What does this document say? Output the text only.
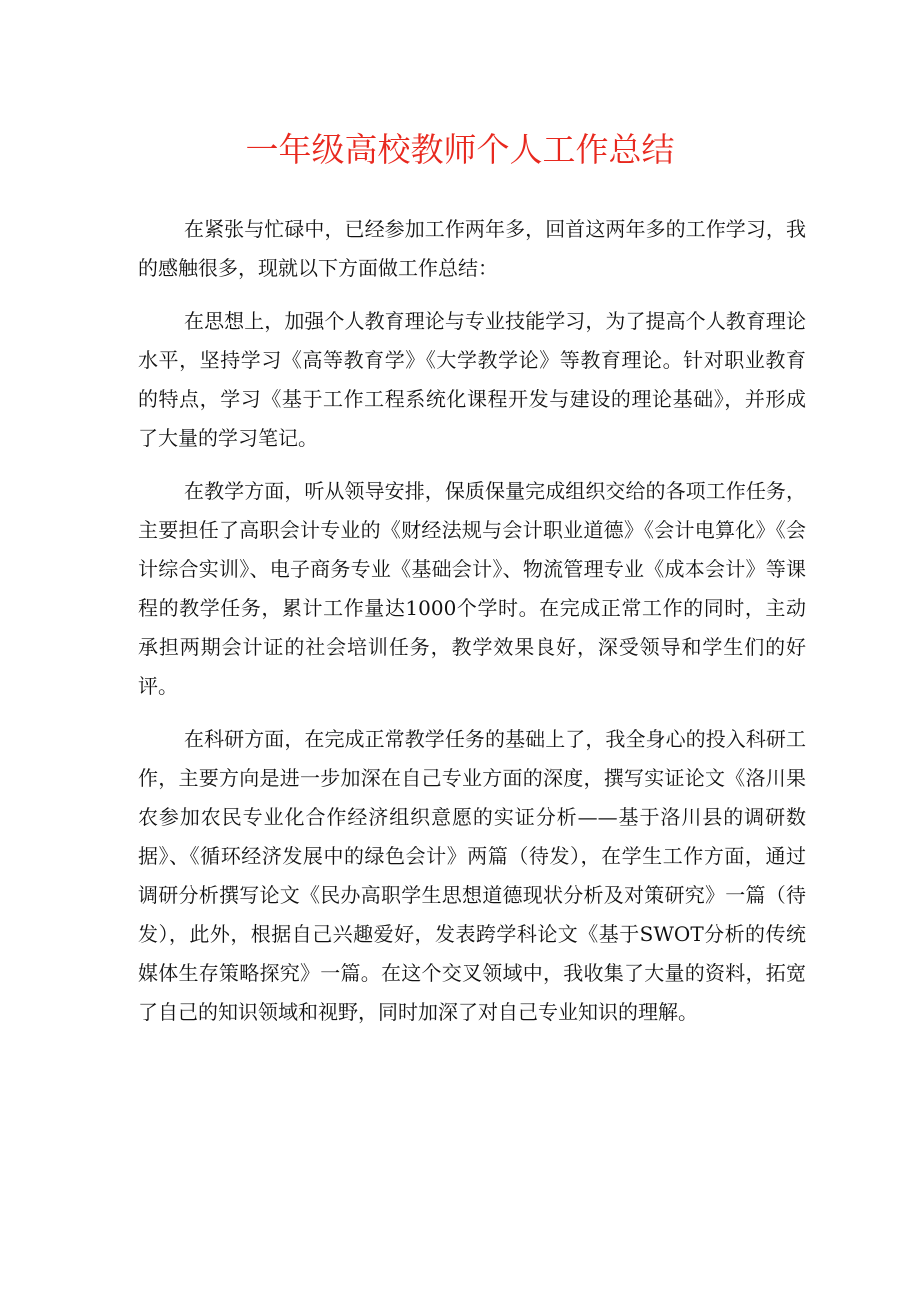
一年级高校教师个人工作总结

在紧张与忙碌中，已经参加工作两年多，回首这两年多的工作学习，我的感触很多，现就以下方面做工作总结：

在思想上，加强个人教育理论与专业技能学习，为了提高个人教育理论水平，坚持学习《高等教育学》《大学教学论》等教育理论。针对职业教育的特点，学习《基于工作工程系统化课程开发与建设的理论基础》，并形成了大量的学习笔记。

在教学方面，听从领导安排，保质保量完成组织交给的各项工作任务，主要担任了高职会计专业的《财经法规与会计职业道德》《会计电算化》《会计综合实训》、电子商务专业《基础会计》、物流管理专业《成本会计》等课程的教学任务，累计工作量达1000个学时。在完成正常工作的同时，主动承担两期会计证的社会培训任务，教学效果良好，深受领导和学生们的好评。

在科研方面，在完成正常教学任务的基础上了，我全身心的投入科研工作，主要方向是进一步加深在自己专业方面的深度，撰写实证论文《洛川果农参加农民专业化合作经济组织意愿的实证分析——基于洛川县的调研数据》、《循环经济发展中的绿色会计》两篇（待发），在学生工作方面，通过调研分析撰写论文《民办高职学生思想道德现状分析及对策研究》一篇（待发），此外，根据自己兴趣爱好，发表跨学科论文《基于SWOT分析的传统媒体生存策略探究》一篇。在这个交叉领域中，我收集了大量的资料，拓宽了自己的知识领域和视野，同时加深了对自己专业知识的理解。
